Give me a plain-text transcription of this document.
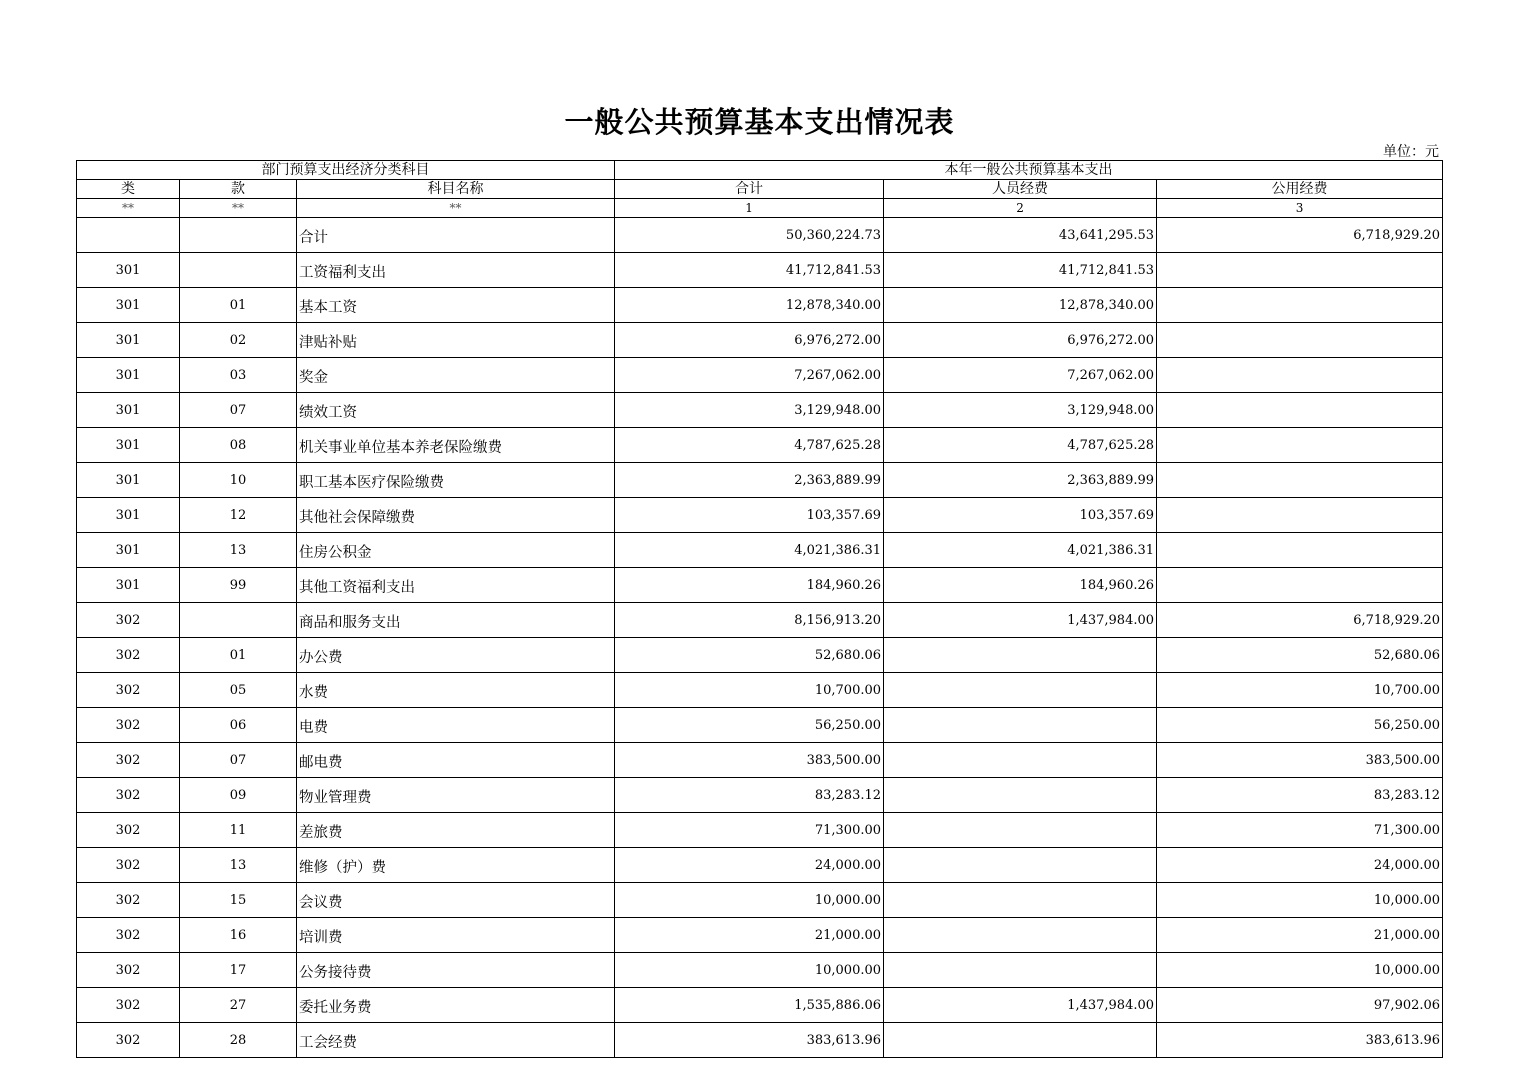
一般公共预算基本支出情况表
单位：元
部门预算支出经济分类科目			本年一般公共预算基本支出		
类	款	科目名称	合计	人员经费	公用经费
**	**	**	1	2	3
		合计	50,360,224.73	43,641,295.53	6,718,929.20
301		工资福利支出	41,712,841.53	41,712,841.53	
301	01	基本工资	12,878,340.00	12,878,340.00	
301	02	津贴补贴	6,976,272.00	6,976,272.00	
301	03	奖金	7,267,062.00	7,267,062.00	
301	07	绩效工资	3,129,948.00	3,129,948.00	
301	08	机关事业单位基本养老保险缴费	4,787,625.28	4,787,625.28	
301	10	职工基本医疗保险缴费	2,363,889.99	2,363,889.99	
301	12	其他社会保障缴费	103,357.69	103,357.69	
301	13	住房公积金	4,021,386.31	4,021,386.31	
301	99	其他工资福利支出	184,960.26	184,960.26	
302		商品和服务支出	8,156,913.20	1,437,984.00	6,718,929.20
302	01	办公费	52,680.06		52,680.06
302	05	水费	10,700.00		10,700.00
302	06	电费	56,250.00		56,250.00
302	07	邮电费	383,500.00		383,500.00
302	09	物业管理费	83,283.12		83,283.12
302	11	差旅费	71,300.00		71,300.00
302	13	维修（护）费	24,000.00		24,000.00
302	15	会议费	10,000.00		10,000.00
302	16	培训费	21,000.00		21,000.00
302	17	公务接待费	10,000.00		10,000.00
302	27	委托业务费	1,535,886.06	1,437,984.00	97,902.06
302	28	工会经费	383,613.96		383,613.96
